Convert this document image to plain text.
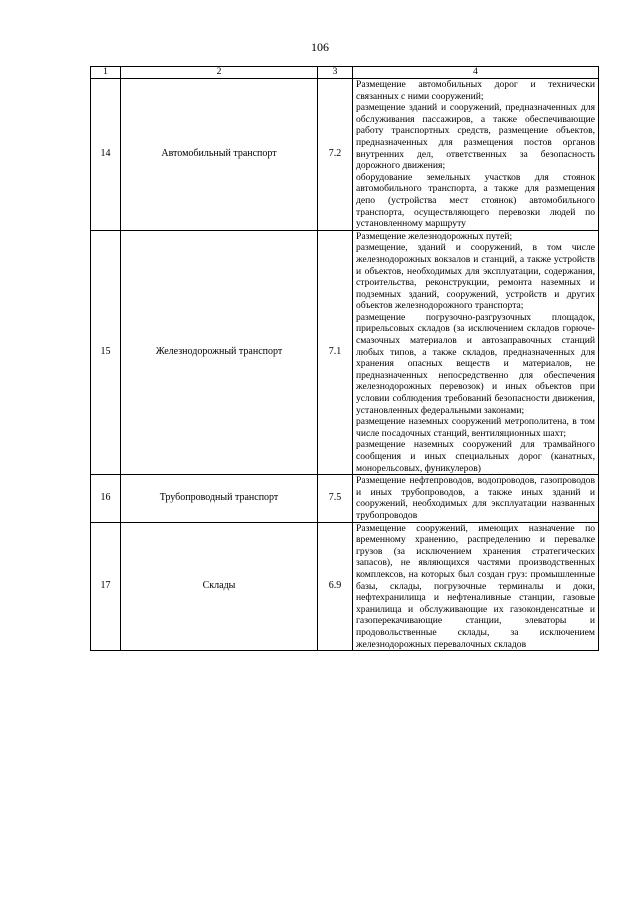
106
1	2	3	4
14	Автомобильный транспорт	7.2	Размещение автомобильных дорог и технически связанных с ними сооружений;
размещение зданий и сооружений, предназначенных для обслуживания пассажиров, а также обеспечивающие работу транспортных средств, размещение объектов, предназначенных для размещения постов органов внутренних дел, ответственных за безопасность дорожного движения;
оборудование земельных участков для стоянок автомобильного транспорта, а также для размещения депо (устройства мест стоянок) автомобильного транспорта, осуществляющего перевозки людей по установленному маршруту

15	Железнодорожный транспорт	7.1	Размещение железнодорожных путей;
размещение, зданий и сооружений, в том числе железнодорожных вокзалов и станций, а также устройств и объектов, необходимых для эксплуатации, содержания, строительства, реконструкции, ремонта наземных и подземных зданий, сооружений, устройств и других объектов железнодорожного транспорта;
размещение погрузочно-разгрузочных площадок, прирельсовых складов (за исключением складов горюче-смазочных материалов и автозаправочных станций любых типов, а также складов, предназначенных для хранения опасных веществ и материалов, не предназначенных непосредственно для обеспечения железнодорожных перевозок) и иных объектов при условии соблюдения требований безопасности движения, установленных федеральными законами;
размещение наземных сооружений метрополитена, в том числе посадочных станций, вентиляционных шахт;
размещение наземных сооружений для трамвайного сообщения и иных специальных дорог (канатных, монорельсовых, фуникулеров)

16	Трубопроводный транспорт	7.5	Размещение нефтепроводов, водопроводов, газопроводов и иных трубопроводов, а также иных зданий и сооружений, необходимых для эксплуатации названных трубопроводов

17	Склады	6.9	Размещение сооружений, имеющих назначение по временному хранению, распределению и перевалке грузов (за исключением хранения стратегических запасов), не являющихся частями производственных комплексов, на которых был создан груз: промышленные базы, склады, погрузочные терминалы и доки, нефтехранилища и нефтеналивные станции, газовые хранилища и обслуживающие их газоконденсатные и газоперекачивающие станции, элеваторы и продовольственные склады, за исключением железнодорожных перевалочных складов
